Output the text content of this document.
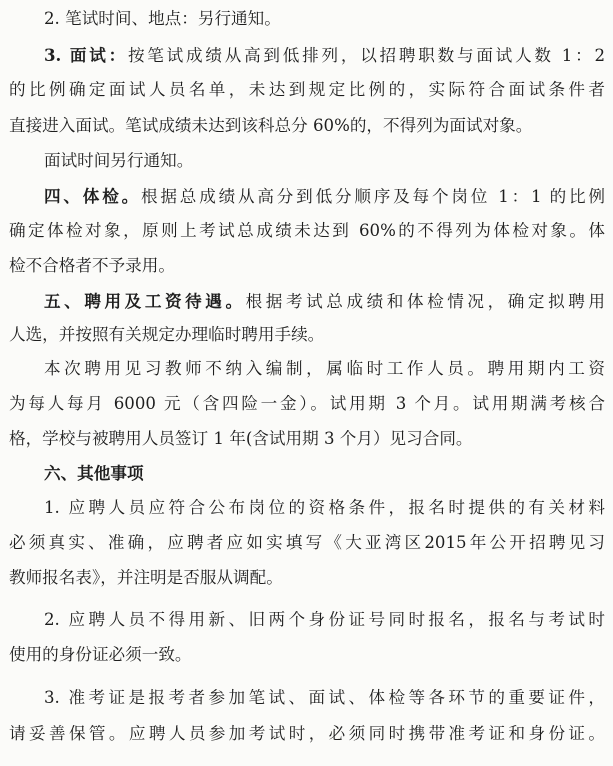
2. 笔试时间、地点：另行通知。
3. 面试：按笔试成绩从高到低排列，以招聘职数与面试人数 1：2
的比例确定面试人员名单，未达到规定比例的，实际符合面试条件者
直接进入面试。笔试成绩未达到该科总分 60%的，不得列为面试对象。
面试时间另行通知。
四、体检。根据总成绩从高分到低分顺序及每个岗位 1：1 的比例
确定体检对象，原则上考试总成绩未达到 60%的不得列为体检对象。体
检不合格者不予录用。
五、聘用及工资待遇。根据考试总成绩和体检情况，确定拟聘用
人选，并按照有关规定办理临时聘用手续。
本次聘用见习教师不纳入编制，属临时工作人员。聘用期内工资
为每人每月 6000 元（含四险一金）。试用期 3 个月。试用期满考核合
格，学校与被聘用人员签订 1 年(含试用期 3 个月）见习合同。
六、其他事项
1. 应聘人员应符合公布岗位的资格条件，报名时提供的有关材料
必须真实、准确，应聘者应如实填写《大亚湾区2015年公开招聘见习
教师报名表》，并注明是否服从调配。
2. 应聘人员不得用新、旧两个身份证号同时报名，报名与考试时
使用的身份证必须一致。
3. 准考证是报考者参加笔试、面试、体检等各环节的重要证件，
请妥善保管。应聘人员参加考试时，必须同时携带准考证和身份证。
